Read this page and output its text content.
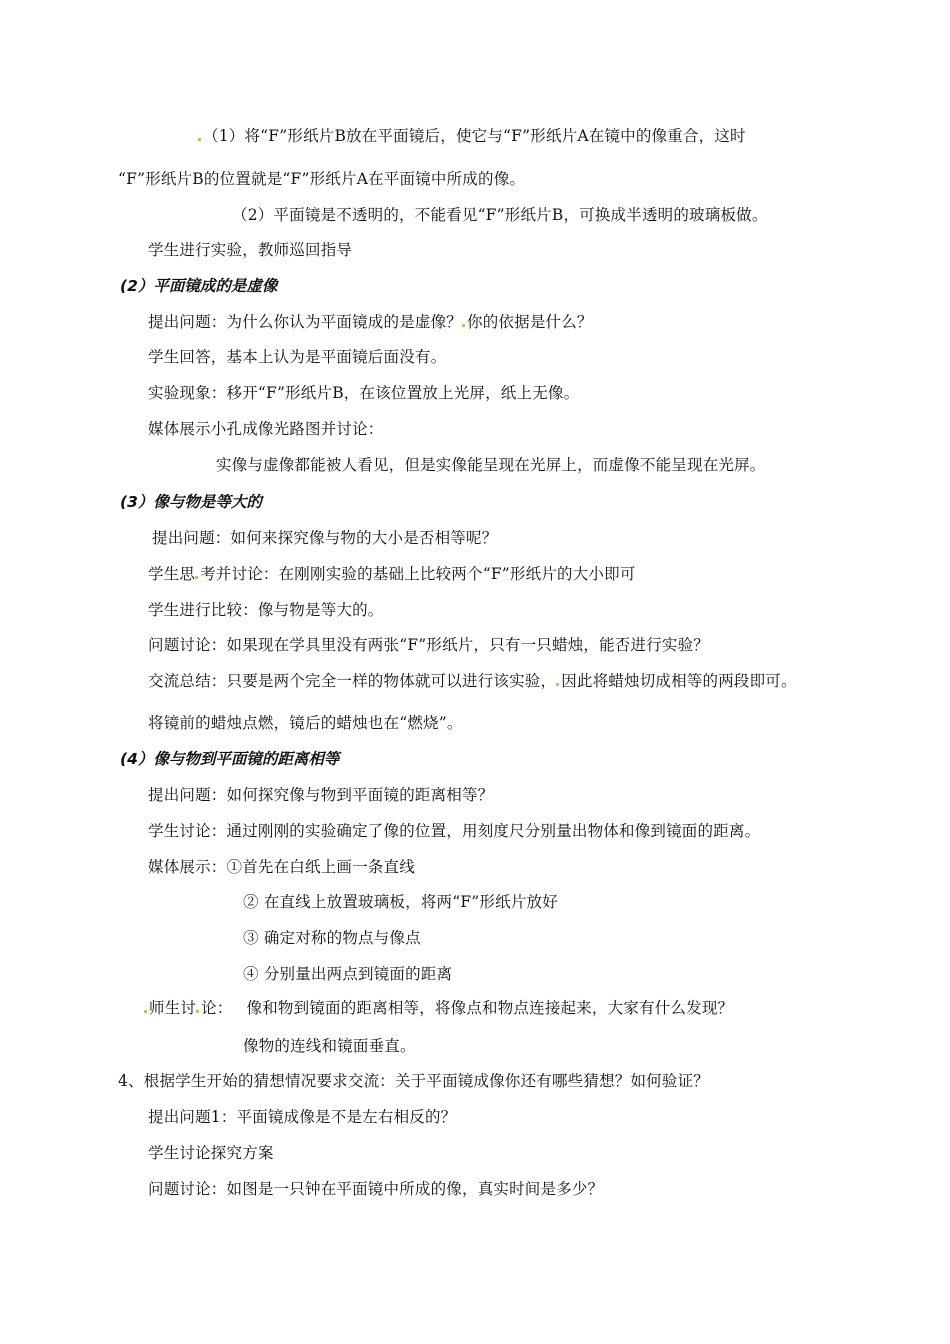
（1）将“F”形纸片B放在平面镜后，使它与“F”形纸片A在镜中的像重合，这时
“F”形纸片B的位置就是“F”形纸片A在平面镜中所成的像。
（2）平面镜是不透明的，不能看见“F”形纸片B，可换成半透明的玻璃板做。
学生进行实验，教师巡回指导
(2）平面镜成的是虚像
提出问题：为什么你认为平面镜成的是虚像？ 你的依据是什么？
学生回答，基本上认为是平面镜后面没有。
实验现象：移开“F”形纸片B，在该位置放上光屏，纸上无像。
媒体展示小孔成像光路图并讨论：
实像与虚像都能被人看见，但是实像能呈现在光屏上，而虚像不能呈现在光屏。
(3）像与物是等大的
提出问题：如何来探究像与物的大小是否相等呢？
学生思 考并讨论：在刚刚实验的基础上比较两个“F”形纸片的大小即可
学生进行比较：像与物是等大的。
问题讨论：如果现在学具里没有两张“F”形纸片，只有一只蜡烛，能否进行实验？
交流总结：只要是两个完全一样的物体就可以进行该实验， 因此将蜡烛切成相等的两段即可。
将镜前的蜡烛点燃，镜后的蜡烛也在“燃烧”。
(4）像与物到平面镜的距离相等
提出问题：如何探究像与物到平面镜的距离相等？
学生讨论：通过刚刚的实验确定了像的位置，用刻度尺分别量出物体和像到镜面的距离。
媒体展示：①首先在白纸上画一条直线
② 在直线上放置玻璃板，将两“F”形纸片放好
③ 确定对称的物点与像点
④ 分别量出两点到镜面的距离
师生讨 论： 像和物到镜面的距离相等，将像点和物点连接起来，大家有什么发现？
像物的连线和镜面垂直。
4、根据学生开始的猜想情况要求交流：关于平面镜成像你还有哪些猜想？如何验证？
提出问题1：平面镜成像是不是左右相反的？
学生讨论探究方案
问题讨论：如图是一只钟在平面镜中所成的像，真实时间是多少？
